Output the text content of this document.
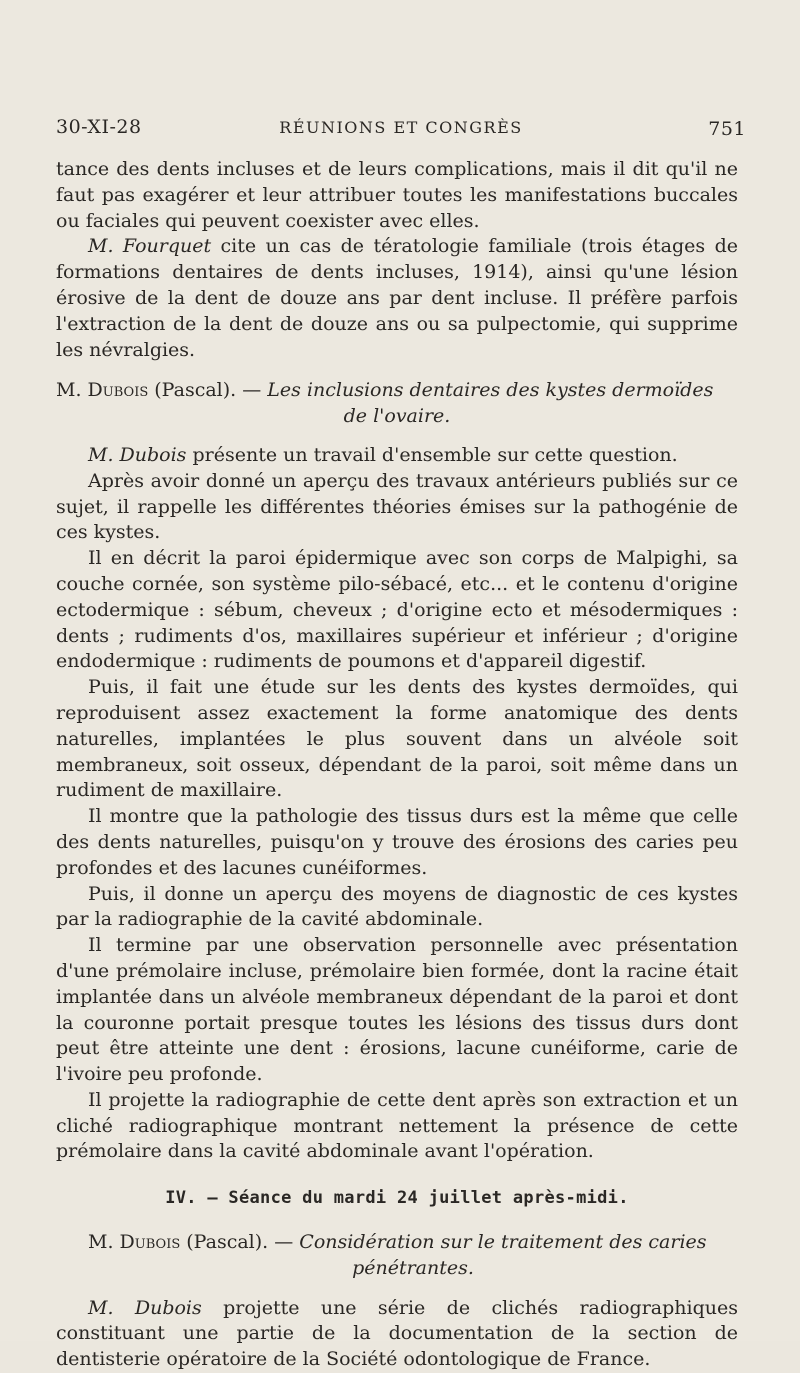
30-XI-28	RÉUNIONS ET CONGRÈS	751

tance des dents incluses et de leurs complications, mais il dit qu'il ne faut pas exagérer et leur attribuer toutes les manifestations buccales ou faciales qui peuvent coexister avec elles.

M. Fourquet cite un cas de tératologie familiale (trois étages de formations dentaires de dents incluses, 1914), ainsi qu'une lésion érosive de la dent de douze ans par dent incluse. Il préfère parfois l'extraction de la dent de douze ans ou sa pulpectomie, qui supprime les névralgies.

M. Dubois (Pascal). — Les inclusions dentaires des kystes dermoïdes
de l'ovaire.

M. Dubois présente un travail d'ensemble sur cette question.

Après avoir donné un aperçu des travaux antérieurs publiés sur ce sujet, il rappelle les différentes théories émises sur la pathogénie de ces kystes.

Il en décrit la paroi épidermique avec son corps de Malpighi, sa couche cornée, son système pilo-sébacé, etc... et le contenu d'origine ectodermique : sébum, cheveux ; d'origine ecto et mésodermiques : dents ; rudiments d'os, maxillaires supérieur et inférieur ; d'origine endodermique : rudiments de poumons et d'appareil digestif.

Puis, il fait une étude sur les dents des kystes dermoïdes, qui reproduisent assez exactement la forme anatomique des dents naturelles, implantées le plus souvent dans un alvéole soit membraneux, soit osseux, dépendant de la paroi, soit même dans un rudiment de maxillaire.

Il montre que la pathologie des tissus durs est la même que celle des dents naturelles, puisqu'on y trouve des érosions des caries peu profondes et des lacunes cunéiformes.

Puis, il donne un aperçu des moyens de diagnostic de ces kystes par la radiographie de la cavité abdominale.

Il termine par une observation personnelle avec présentation d'une prémolaire incluse, prémolaire bien formée, dont la racine était implantée dans un alvéole membraneux dépendant de la paroi et dont la couronne portait presque toutes les lésions des tissus durs dont peut être atteinte une dent : érosions, lacune cunéiforme, carie de l'ivoire peu profonde.

Il projette la radiographie de cette dent après son extraction et un cliché radiographique montrant nettement la présence de cette prémolaire dans la cavité abdominale avant l'opération.

IV. — Séance du mardi 24 juillet après-midi.

M. Dubois (Pascal). — Considération sur le traitement des caries
pénétrantes.

M. Dubois projette une série de clichés radiographiques constituant une partie de la documentation de la section de dentisterie opératoire de la Société odontologique de France.
